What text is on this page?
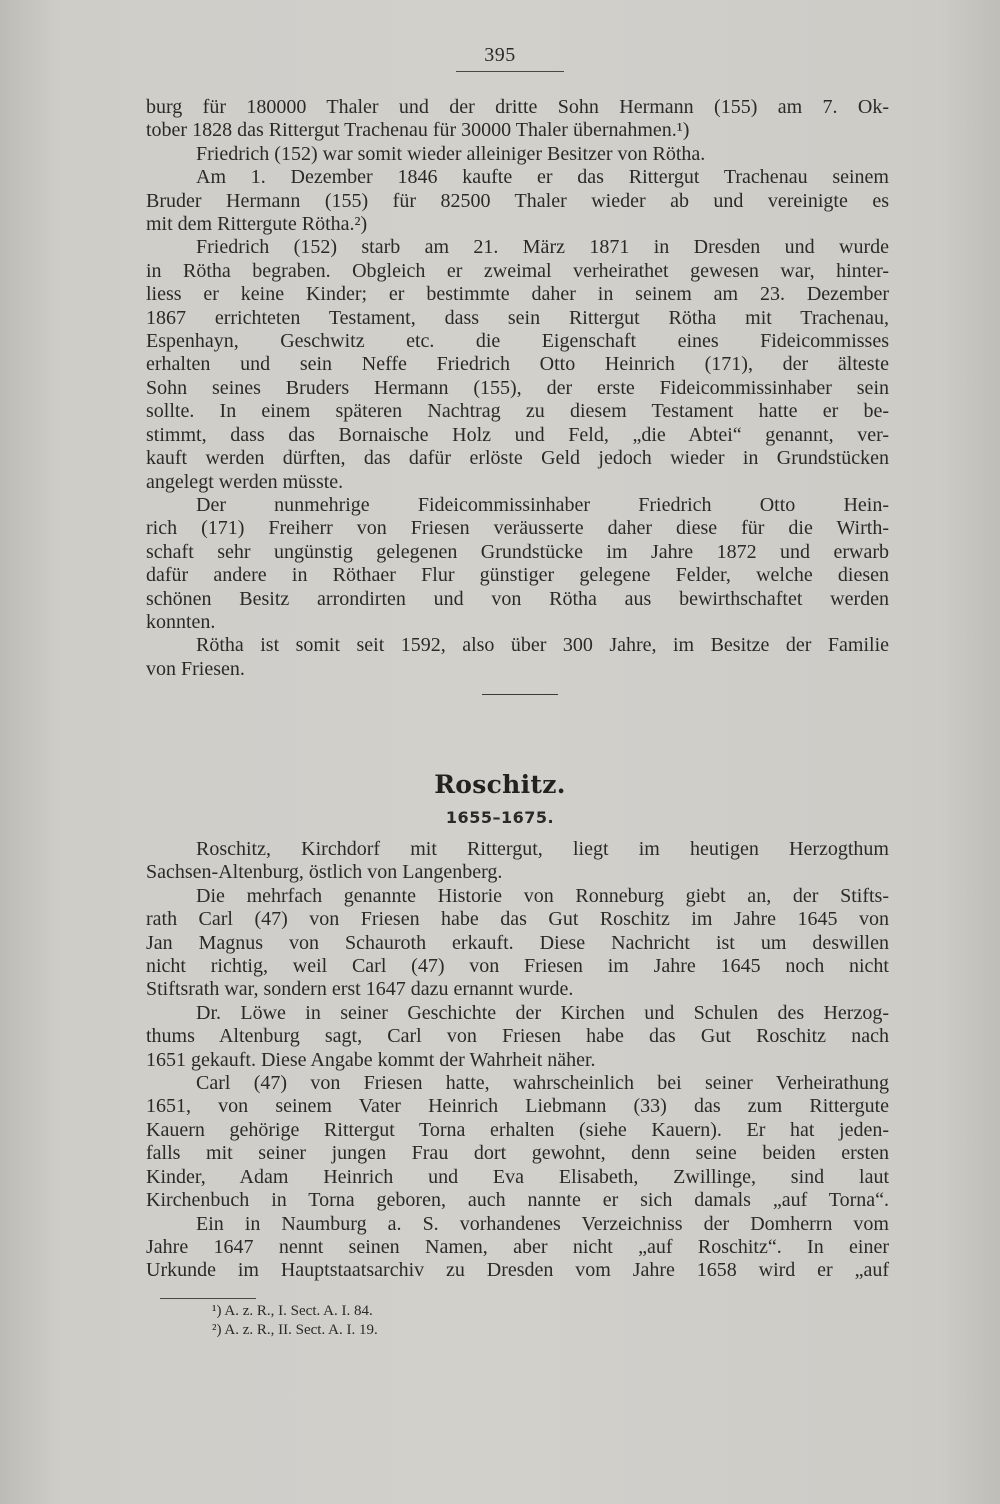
395
burg für 180000 Thaler und der dritte Sohn Hermann (155) am 7. Ok-
tober 1828 das Rittergut Trachenau für 30000 Thaler übernahmen.¹)
Friedrich (152) war somit wieder alleiniger Besitzer von Rötha.
Am 1. Dezember 1846 kaufte er das Rittergut Trachenau seinem
Bruder Hermann (155) für 82500 Thaler wieder ab und vereinigte es
mit dem Rittergute Rötha.²)
Friedrich (152) starb am 21. März 1871 in Dresden und wurde
in Rötha begraben. Obgleich er zweimal verheirathet gewesen war, hinter-
liess er keine Kinder; er bestimmte daher in seinem am 23. Dezember
1867 errichteten Testament, dass sein Rittergut Rötha mit Trachenau,
Espenhayn, Geschwitz etc. die Eigenschaft eines Fideicommisses
erhalten und sein Neffe Friedrich Otto Heinrich (171), der älteste
Sohn seines Bruders Hermann (155), der erste Fideicommissinhaber sein
sollte. In einem späteren Nachtrag zu diesem Testament hatte er be-
stimmt, dass das Bornaische Holz und Feld, „die Abtei“ genannt, ver-
kauft werden dürften, das dafür erlöste Geld jedoch wieder in Grundstücken
angelegt werden müsste.
Der nunmehrige Fideicommissinhaber Friedrich Otto Hein-
rich (171) Freiherr von Friesen veräusserte daher diese für die Wirth-
schaft sehr ungünstig gelegenen Grundstücke im Jahre 1872 und erwarb
dafür andere in Röthaer Flur günstiger gelegene Felder, welche diesen
schönen Besitz arrondirten und von Rötha aus bewirthschaftet werden
konnten.
Rötha ist somit seit 1592, also über 300 Jahre, im Besitze der Familie
von Friesen.
Roschitz.
1655–1675.
Roschitz, Kirchdorf mit Rittergut, liegt im heutigen Herzogthum
Sachsen-Altenburg, östlich von Langenberg.
Die mehrfach genannte Historie von Ronneburg giebt an, der Stifts-
rath Carl (47) von Friesen habe das Gut Roschitz im Jahre 1645 von
Jan Magnus von Schauroth erkauft. Diese Nachricht ist um deswillen
nicht richtig, weil Carl (47) von Friesen im Jahre 1645 noch nicht
Stiftsrath war, sondern erst 1647 dazu ernannt wurde.
Dr. Löwe in seiner Geschichte der Kirchen und Schulen des Herzog-
thums Altenburg sagt, Carl von Friesen habe das Gut Roschitz nach
1651 gekauft. Diese Angabe kommt der Wahrheit näher.
Carl (47) von Friesen hatte, wahrscheinlich bei seiner Verheirathung
1651, von seinem Vater Heinrich Liebmann (33) das zum Rittergute
Kauern gehörige Rittergut Torna erhalten (siehe Kauern). Er hat jeden-
falls mit seiner jungen Frau dort gewohnt, denn seine beiden ersten
Kinder, Adam Heinrich und Eva Elisabeth, Zwillinge, sind laut
Kirchenbuch in Torna geboren, auch nannte er sich damals „auf Torna“.
Ein in Naumburg a. S. vorhandenes Verzeichniss der Domherrn vom
Jahre 1647 nennt seinen Namen, aber nicht „auf Roschitz“. In einer
Urkunde im Hauptstaatsarchiv zu Dresden vom Jahre 1658 wird er „auf
¹) A. z. R., I. Sect. A. I. 84.
²) A. z. R., II. Sect. A. I. 19.
